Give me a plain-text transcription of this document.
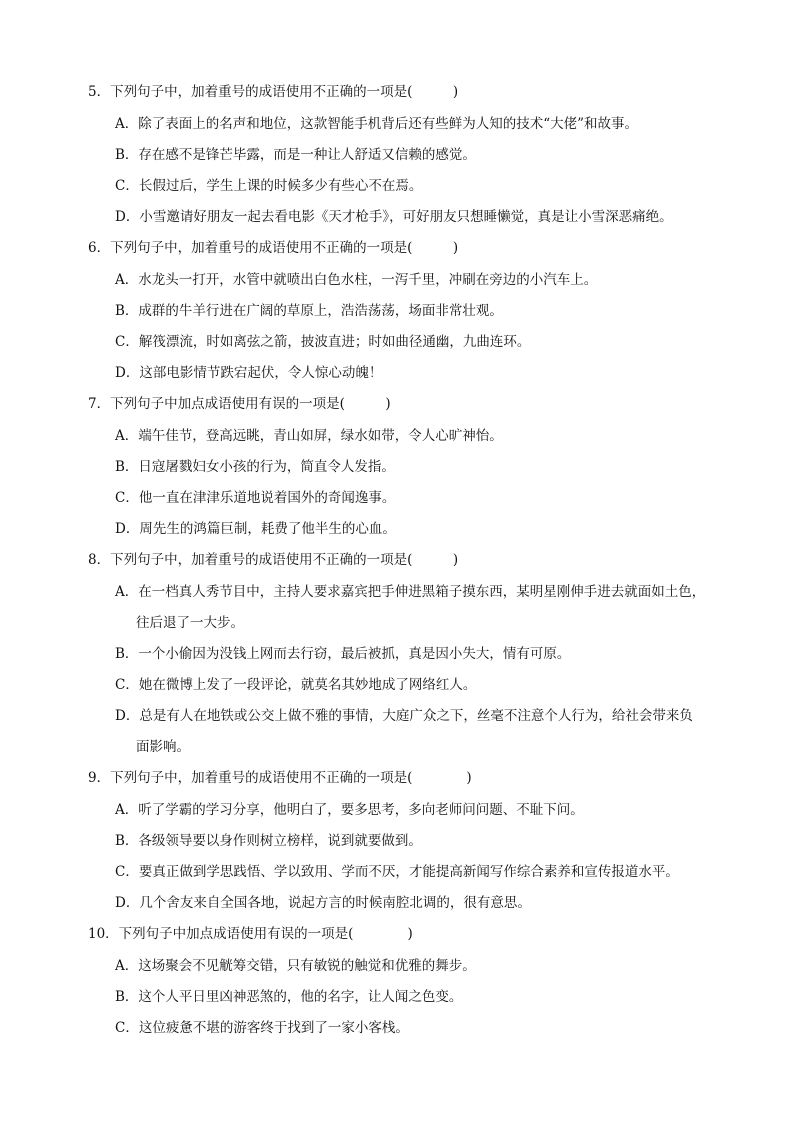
5．下列句子中，加着重号的成语使用不正确的一项是(　　　)
A．除了表面上的名声和地位，这款智能手机背后还有些鲜为人知的技术“大佬”和故事。
B．存在感不是锋芒毕露，而是一种让人舒适又信赖的感觉。
C．长假过后，学生上课的时候多少有些心不在焉。
D．小雪邀请好朋友一起去看电影《天才枪手》，可好朋友只想睡懒觉，真是让小雪深恶痛绝。
6．下列句子中，加着重号的成语使用不正确的一项是(　　　)
A．水龙头一打开，水管中就喷出白色水柱，一泻千里，冲刷在旁边的小汽车上。
B．成群的牛羊行进在广阔的草原上，浩浩荡荡，场面非常壮观。
C．解筏漂流，时如离弦之箭，披波直进；时如曲径通幽，九曲连环。
D．这部电影情节跌宕起伏，令人惊心动魄！
7．下列句子中加点成语使用有误的一项是(　　　)
A．端午佳节，登高远眺，青山如屏，绿水如带，令人心旷神怡。
B．日寇屠戮妇女小孩的行为，简直令人发指。
C．他一直在津津乐道地说着国外的奇闻逸事。
D．周先生的鸿篇巨制，耗费了他半生的心血。
8．下列句子中，加着重号的成语使用不正确的一项是(　　　)
A．在一档真人秀节目中，主持人要求嘉宾把手伸进黑箱子摸东西，某明星刚伸手进去就面如土色，
往后退了一大步。
B．一个小偷因为没钱上网而去行窃，最后被抓，真是因小失大，情有可原。
C．她在微博上发了一段评论，就莫名其妙地成了网络红人。
D．总是有人在地铁或公交上做不雅的事情，大庭广众之下，丝毫不注意个人行为，给社会带来负
面影响。
9．下列句子中，加着重号的成语使用不正确的一项是(　　　　)
A．听了学霸的学习分享，他明白了，要多思考，多向老师问问题、不耻下问。
B．各级领导要以身作则树立榜样，说到就要做到。
C．要真正做到学思践悟、学以致用、学而不厌，才能提高新闻写作综合素养和宣传报道水平。
D．几个舍友来自全国各地，说起方言的时候南腔北调的，很有意思。
10．下列句子中加点成语使用有误的一项是(　　　　)
A．这场聚会不见觥筹交错，只有敏锐的触觉和优雅的舞步。
B．这个人平日里凶神恶煞的，他的名字，让人闻之色变。
C．这位疲惫不堪的游客终于找到了一家小客栈。
